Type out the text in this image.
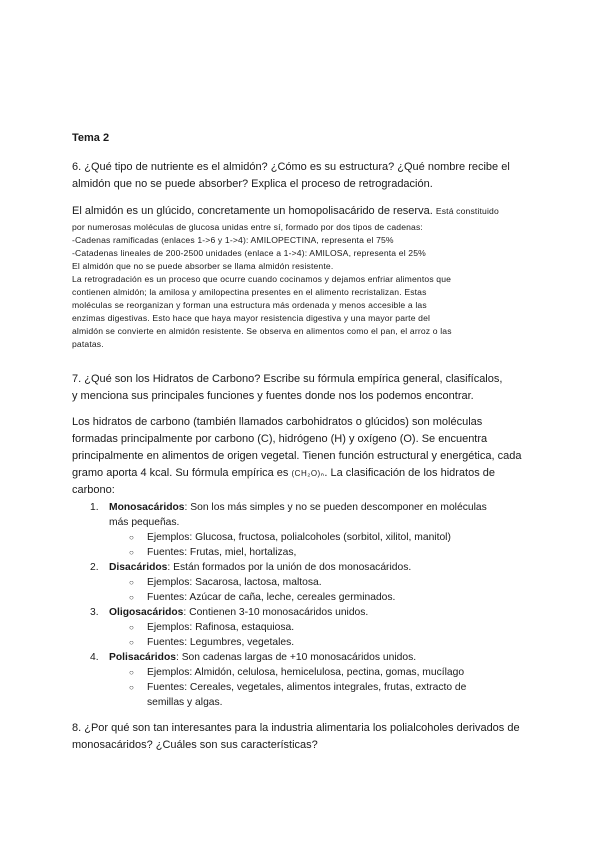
Tema 2
6. ¿Qué tipo de nutriente es el almidón? ¿Cómo es su estructura? ¿Qué nombre recibe el
almidón que no se puede absorber? Explica el proceso de retrogradación.
El almidón es un glúcido, concretamente un homopolisacárido de reserva. Está constituido
por numerosas moléculas de glucosa unidas entre sí, formado por dos tipos de cadenas:
-Cadenas ramificadas (enlaces 1->6 y 1->4): AMILOPECTINA, representa el 75%
-Catadenas lineales de 200-2500 unidades (enlace a 1->4): AMILOSA, representa el 25%
El almidón que no se puede absorber se llama almidón resistente.
La retrogradación es un proceso que ocurre cuando cocinamos y dejamos enfriar alimentos que
contienen almidón; la amilosa y amilopectina presentes en el alimento recristalizan. Estas
moléculas se reorganizan y forman una estructura más ordenada y menos accesible a las
enzimas digestivas. Esto hace que haya mayor resistencia digestiva y una mayor parte del
almidón se convierte en almidón resistente. Se observa en alimentos como el pan, el arroz o las
patatas.
7. ¿Qué son los Hidratos de Carbono? Escribe su fórmula empírica general, clasifícalos,
y menciona sus principales funciones y fuentes donde nos los podemos encontrar.
Los hidratos de carbono (también llamados carbohidratos o glúcidos) son moléculas
formadas principalmente por carbono (C), hidrógeno (H) y oxígeno (O). Se encuentra
principalmente en alimentos de origen vegetal. Tienen función estructural y energética, cada
gramo aporta 4 kcal. Su fórmula empírica es (CH₂O)ₙ. La clasificación de los hidratos de
carbono:
1. Monosacáridos: Son los más simples y no se pueden descomponer en moléculas
más pequeñas.
○ Ejemplos: Glucosa, fructosa, polialcoholes (sorbitol, xilitol, manitol)
○ Fuentes: Frutas, miel, hortalizas,
2. Disacáridos: Están formados por la unión de dos monosacáridos.
○ Ejemplos: Sacarosa, lactosa, maltosa.
○ Fuentes: Azúcar de caña, leche, cereales germinados.
3. Oligosacáridos: Contienen 3-10 monosacáridos unidos.
○ Ejemplos: Rafinosa, estaquiosa.
○ Fuentes: Legumbres, vegetales.
4. Polisacáridos: Son cadenas largas de +10 monosacáridos unidos.
○ Ejemplos: Almidón, celulosa, hemicelulosa, pectina, gomas, mucílago
○ Fuentes: Cereales, vegetales, alimentos integrales, frutas, extracto de
semillas y algas.
8. ¿Por qué son tan interesantes para la industria alimentaria los polialcoholes derivados de
monosacáridos? ¿Cuáles son sus características?
